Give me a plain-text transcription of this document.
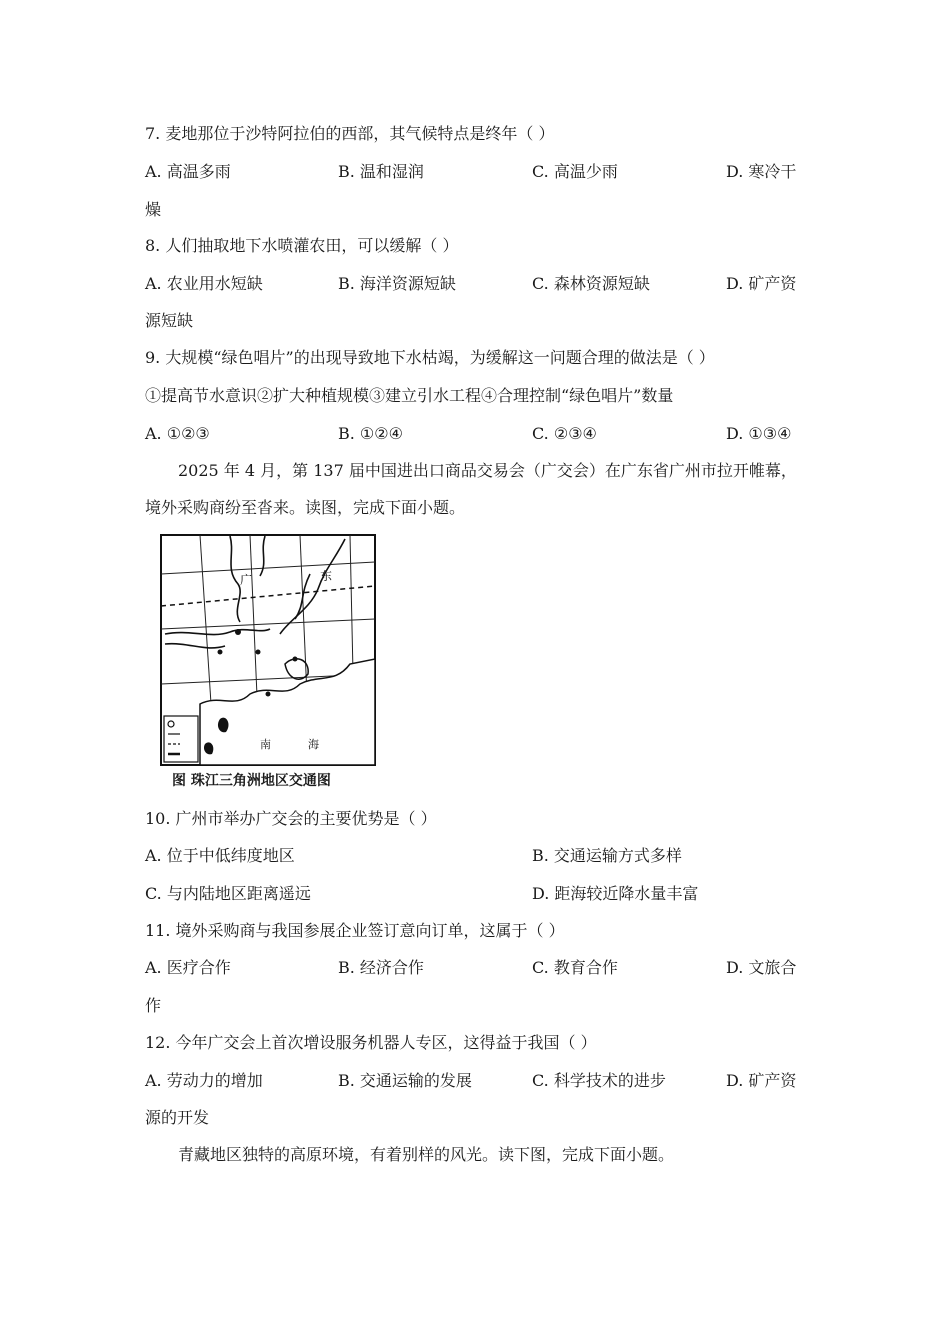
7. 麦地那位于沙特阿拉伯的西部，其气候特点是终年（ ）
A. 高温多雨	B. 温和湿润	C. 高温少雨	D. 寒冷干
燥
8. 人们抽取地下水喷灌农田，可以缓解（ ）
A. 农业用水短缺	B. 海洋资源短缺	C. 森林资源短缺	D. 矿产资
源短缺
9. 大规模“绿色唱片”的出现导致地下水枯竭，为缓解这一问题合理的做法是（ ）
①提高节水意识②扩大种植规模③建立引水工程④合理控制“绿色唱片”数量
A. ①②③	B. ①②④	C. ②③④	D. ①③④
2025 年 4 月，第 137 届中国进出口商品交易会（广交会）在广东省广州市拉开帷幕，
境外采购商纷至沓来。读图，完成下面小题。
广	东
南	海
图 珠江三角洲地区交通图
10. 广州市举办广交会的主要优势是（ ）
A. 位于中低纬度地区	B. 交通运输方式多样
C. 与内陆地区距离遥远	D. 距海较近降水量丰富
11. 境外采购商与我国参展企业签订意向订单，这属于（ ）
A. 医疗合作	B. 经济合作	C. 教育合作	D. 文旅合
作
12. 今年广交会上首次增设服务机器人专区，这得益于我国（ ）
A. 劳动力的增加	B. 交通运输的发展	C. 科学技术的进步	D. 矿产资
源的开发
青藏地区独特的高原环境，有着别样的风光。读下图，完成下面小题。
